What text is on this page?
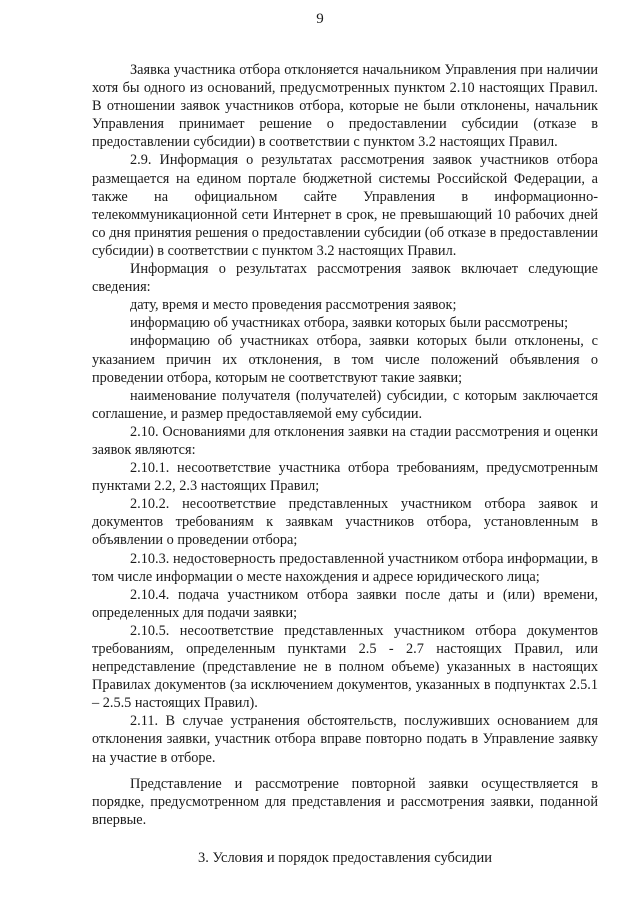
9

Заявка участника отбора отклоняется начальником Управления при наличии хотя бы одного из оснований, предусмотренных пунктом 2.10 настоящих Правил. В отношении заявок участников отбора, которые не были отклонены, начальник Управления принимает решение о предоставлении субсидии (отказе в предоставлении субсидии) в соответствии с пунктом 3.2 настоящих Правил.

2.9. Информация о результатах рассмотрения заявок участников отбора размещается на едином портале бюджетной системы Российской Федерации, а также на официальном сайте Управления в информационно-телекоммуникационной сети Интернет в срок, не превышающий 10 рабочих дней со дня принятия решения о предоставлении субсидии (об отказе в предоставлении субсидии) в соответствии с пунктом 3.2 настоящих Правил.

Информация о результатах рассмотрения заявок включает следующие сведения:

дату, время и место проведения рассмотрения заявок;

информацию об участниках отбора, заявки которых были рассмотрены;

информацию об участниках отбора, заявки которых были отклонены, с указанием причин их отклонения, в том числе положений объявления о проведении отбора, которым не соответствуют такие заявки;

наименование получателя (получателей) субсидии, с которым заключается соглашение, и размер предоставляемой ему субсидии.

2.10. Основаниями для отклонения заявки на стадии рассмотрения и оценки заявок являются:

2.10.1. несоответствие участника отбора требованиям, предусмотренным пунктами 2.2, 2.3 настоящих Правил;

2.10.2. несоответствие представленных участником отбора заявок и документов требованиям к заявкам участников отбора, установленным в объявлении о проведении отбора;

2.10.3. недостоверность предоставленной участником отбора информации, в том числе информации о месте нахождения и адресе юридического лица;

2.10.4. подача участником отбора заявки после даты и (или) времени, определенных для подачи заявки;

2.10.5. несоответствие представленных участником отбора документов требованиям, определенным пунктами 2.5 - 2.7 настоящих Правил, или непредставление (представление не в полном объеме) указанных в настоящих Правилах документов (за исключением документов, указанных в подпунктах 2.5.1 – 2.5.5 настоящих Правил).

2.11. В случае устранения обстоятельств, послуживших основанием для отклонения заявки, участник отбора вправе повторно подать в Управление заявку на участие в отборе.

Представление и рассмотрение повторной заявки осуществляется в порядке, предусмотренном для представления и рассмотрения заявки, поданной впервые.

3. Условия и порядок предоставления субсидии
